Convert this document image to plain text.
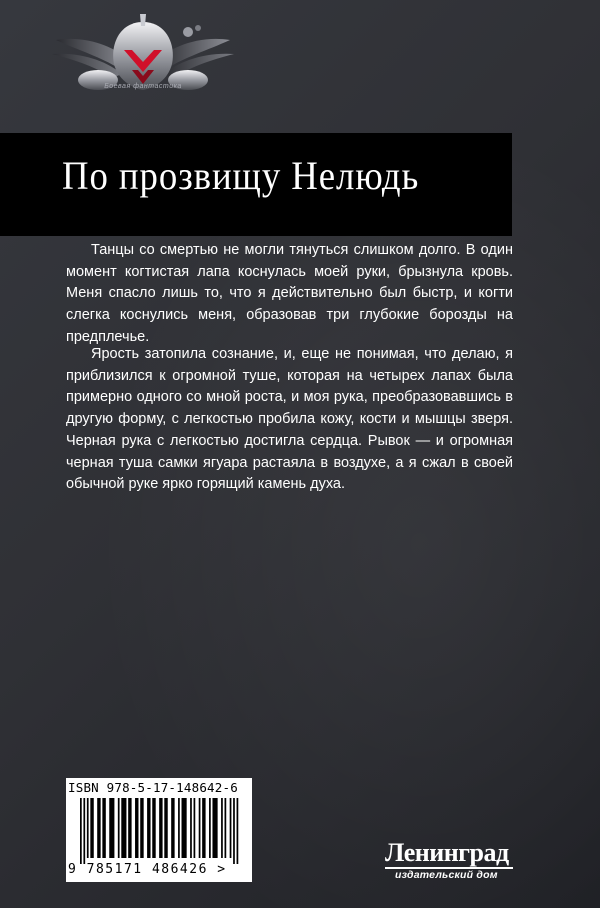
Боевая фантастика
По прозвищу Нелюдь

Танцы со смертью не могли тянуться слишком долго. В один момент когтистая лапа коснулась моей руки, брызнула кровь. Меня спасло лишь то, что я действительно был быстр, и когти слегка коснулись меня, образовав три глубокие борозды на предплечье.

Ярость затопила сознание, и, еще не понимая, что делаю, я приблизился к огромной туше, которая на четырех лапах была примерно одного со мной роста, и моя рука, преобразовавшись в другую форму, с легкостью пробила кожу, кости и мышцы зверя. Черная рука с легкостью достигла сердца. Рывок — и огромная черная туша самки ягуара растаяла в воздухе, а я сжал в своей обычной руке ярко горящий камень духа.

ISBN 978-5-17-148642-6
9 785171 486426 >
Ленинград
издательский дом
